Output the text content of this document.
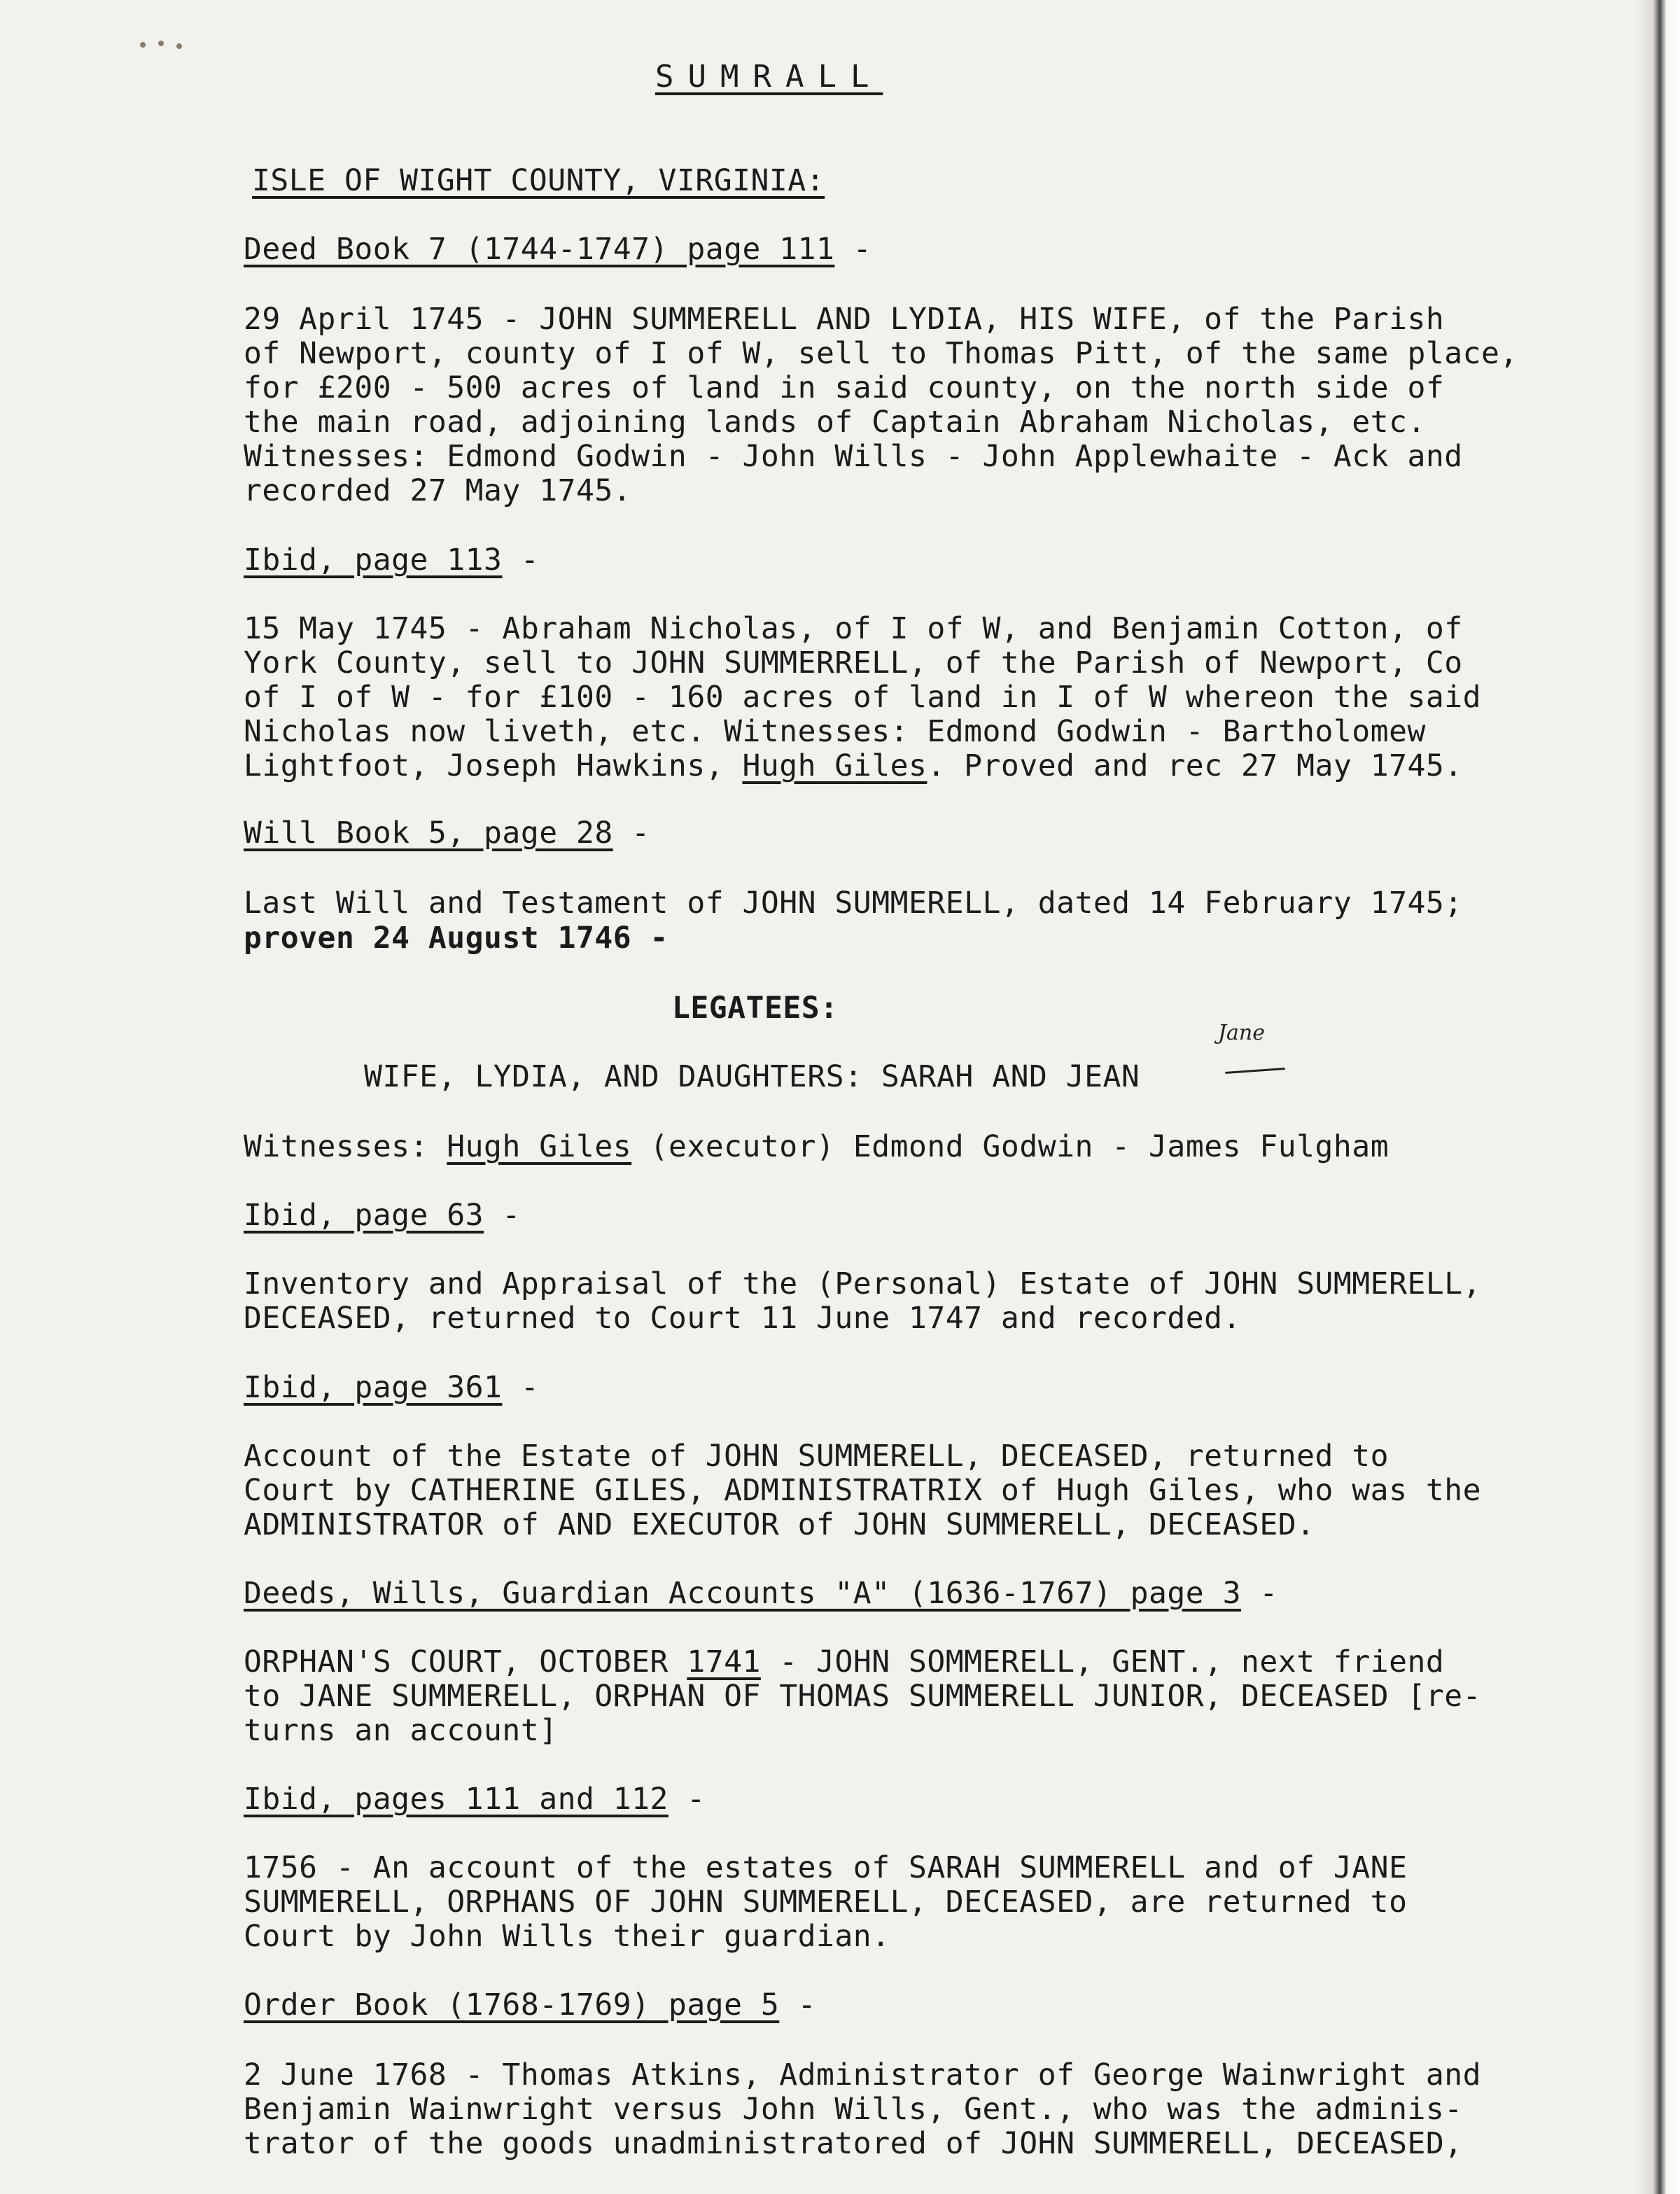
SUMRALL
ISLE OF WIGHT COUNTY, VIRGINIA:
Deed Book 7 (1744-1747) page 111 -
29 April 1745 - JOHN SUMMERELL AND LYDIA, HIS WIFE, of the Parish
of Newport, county of I of W, sell to Thomas Pitt, of the same place,
for £200 - 500 acres of land in said county, on the north side of
the main road, adjoining lands of Captain Abraham Nicholas, etc.
Witnesses: Edmond Godwin - John Wills - John Applewhaite - Ack and
recorded 27 May 1745.
Ibid, page 113 -
15 May 1745 - Abraham Nicholas, of I of W, and Benjamin Cotton, of
York County, sell to JOHN SUMMERRELL, of the Parish of Newport, Co
of I of W - for £100 - 160 acres of land in I of W whereon the said
Nicholas now liveth, etc. Witnesses: Edmond Godwin - Bartholomew
Lightfoot, Joseph Hawkins, Hugh Giles. Proved and rec 27 May 1745.
Will Book 5, page 28 -
Last Will and Testament of JOHN SUMMERELL, dated 14 February 1745;
proven 24 August 1746 -
LEGATEES:
WIFE, LYDIA, AND DAUGHTERS: SARAH AND JEAN
Jane
Witnesses: Hugh Giles (executor) Edmond Godwin - James Fulgham
Ibid, page 63 -
Inventory and Appraisal of the (Personal) Estate of JOHN SUMMERELL,
DECEASED, returned to Court 11 June 1747 and recorded.
Ibid, page 361 -
Account of the Estate of JOHN SUMMERELL, DECEASED, returned to
Court by CATHERINE GILES, ADMINISTRATRIX of Hugh Giles, who was the
ADMINISTRATOR of AND EXECUTOR of JOHN SUMMERELL, DECEASED.
Deeds, Wills, Guardian Accounts "A" (1636-1767) page 3 -
ORPHAN'S COURT, OCTOBER 1741 - JOHN SOMMERELL, GENT., next friend
to JANE SUMMERELL, ORPHAN OF THOMAS SUMMERELL JUNIOR, DECEASED [re-
turns an account]
Ibid, pages 111 and 112 -
1756 - An account of the estates of SARAH SUMMERELL and of JANE
SUMMERELL, ORPHANS OF JOHN SUMMERELL, DECEASED, are returned to
Court by John Wills their guardian.
Order Book (1768-1769) page 5 -
2 June 1768 - Thomas Atkins, Administrator of George Wainwright and
Benjamin Wainwright versus John Wills, Gent., who was the adminis-
trator of the goods unadministratored of JOHN SUMMERELL, DECEASED,
